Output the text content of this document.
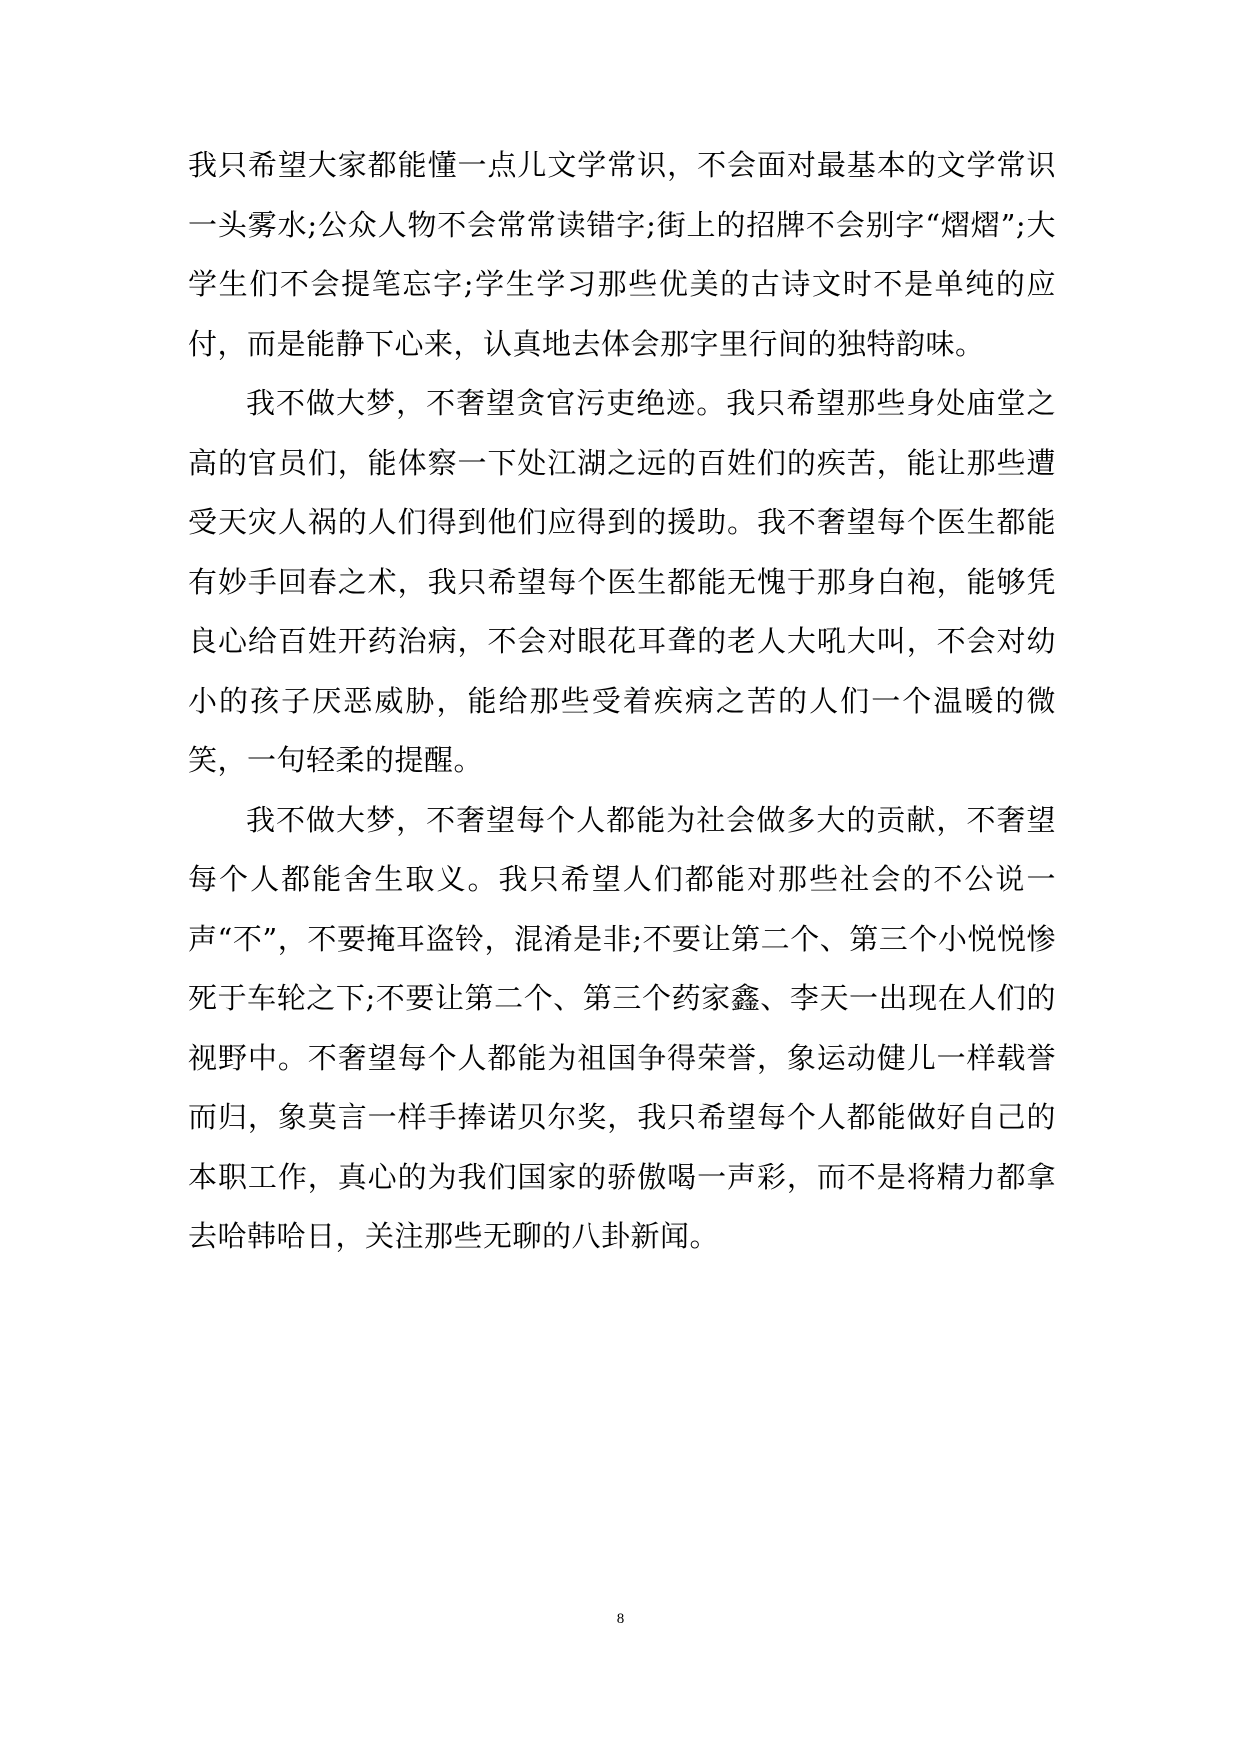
我只希望大家都能懂一点儿文学常识，不会面对最基本的文学常识一头雾水;公众人物不会常常读错字;街上的招牌不会别字“熠熠”;大学生们不会提笔忘字;学生学习那些优美的古诗文时不是单纯的应付，而是能静下心来，认真地去体会那字里行间的独特韵味。

我不做大梦，不奢望贪官污吏绝迹。我只希望那些身处庙堂之高的官员们，能体察一下处江湖之远的百姓们的疾苦，能让那些遭受天灾人祸的人们得到他们应得到的援助。我不奢望每个医生都能有妙手回春之术，我只希望每个医生都能无愧于那身白袍，能够凭良心给百姓开药治病，不会对眼花耳聋的老人大吼大叫，不会对幼小的孩子厌恶威胁，能给那些受着疾病之苦的人们一个温暖的微笑，一句轻柔的提醒。

我不做大梦，不奢望每个人都能为社会做多大的贡献，不奢望每个人都能舍生取义。我只希望人们都能对那些社会的不公说一声“不”，不要掩耳盗铃，混淆是非;不要让第二个、第三个小悦悦惨死于车轮之下;不要让第二个、第三个药家鑫、李天一出现在人们的视野中。不奢望每个人都能为祖国争得荣誉，象运动健儿一样载誉而归，象莫言一样手捧诺贝尔奖，我只希望每个人都能做好自己的本职工作，真心的为我们国家的骄傲喝一声彩，而不是将精力都拿去哈韩哈日，关注那些无聊的八卦新闻。

8
